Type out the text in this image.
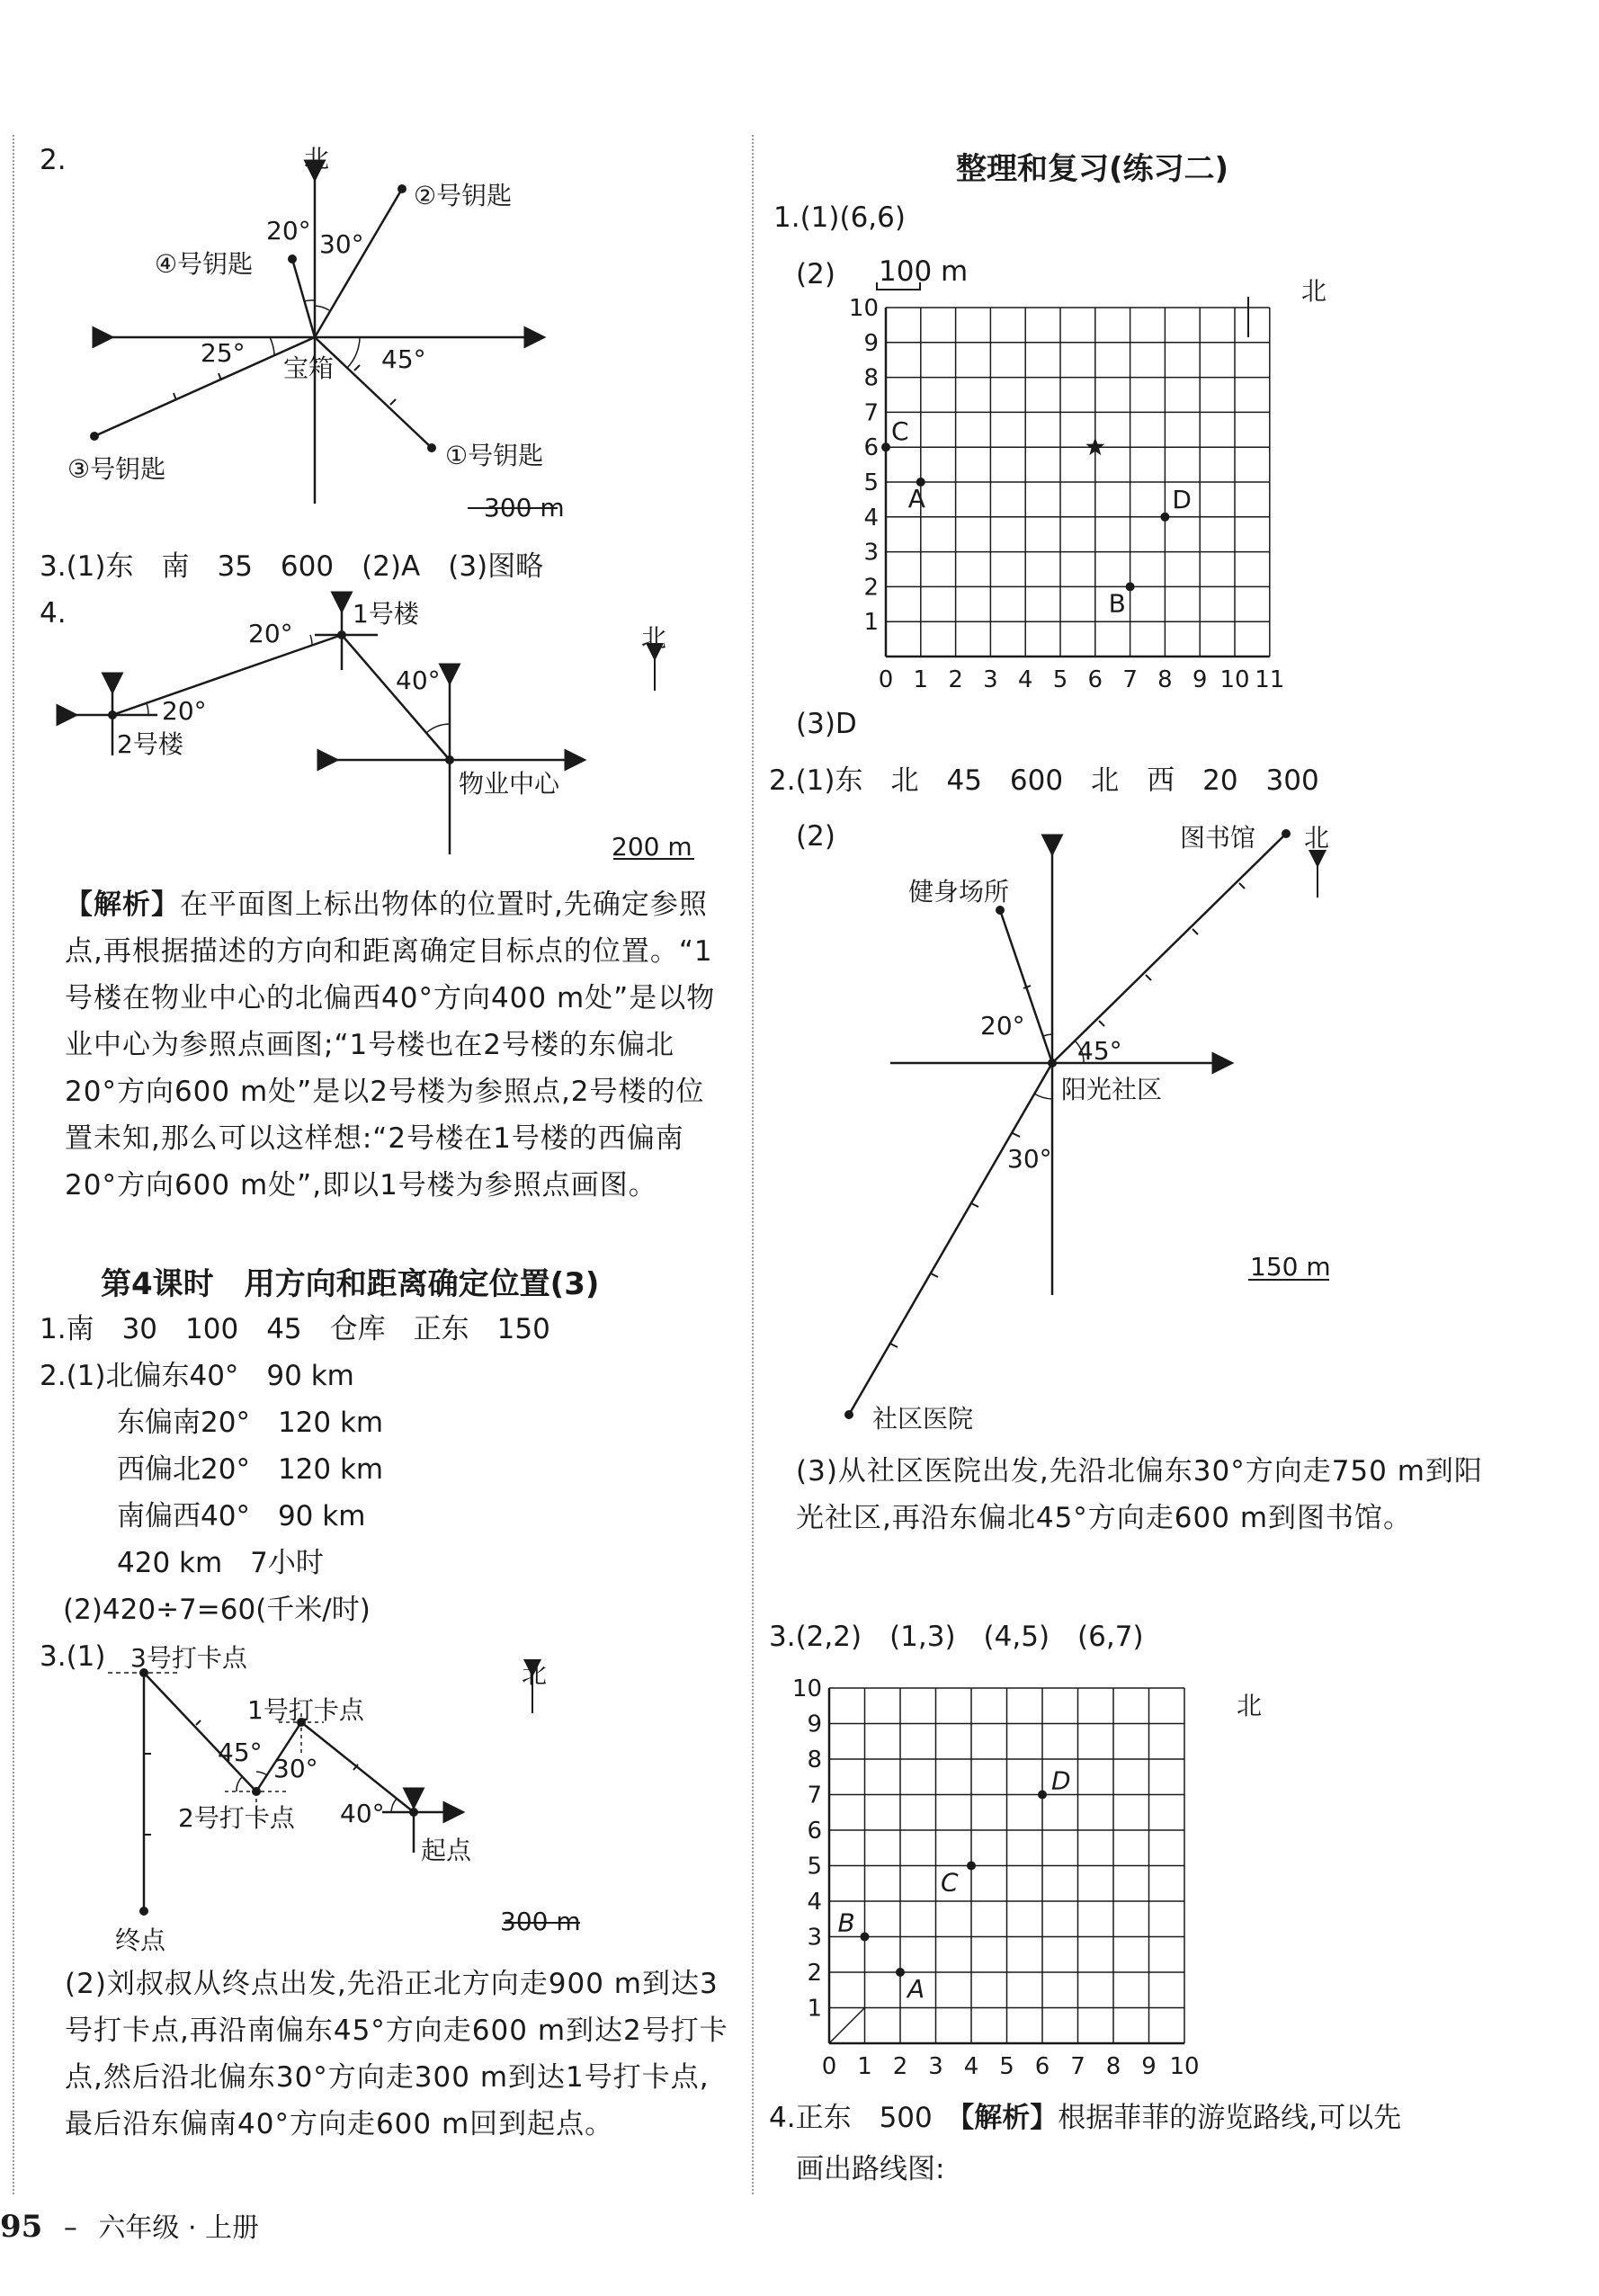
2.	北
②号钥匙
④号钥匙
20° 30°
25°
宝箱 45°
③号钥匙	①号钥匙
300 m
3.(1)东　南　35　600　(2)A　(3)图略
4.	1号楼
20°
40°
北
20°
2号楼
物业中心
200 m
【解析】在平面图上标出物体的位置时,先确定参照点,再根据描述的方向和距离确定目标点的位置。“1号楼在物业中心的北偏西40°方向400 m处”是以物业中心为参照点画图;“1号楼也在2号楼的东偏北20°方向600 m处”是以2号楼为参照点,2号楼的位置未知,那么可以这样想:“2号楼在1号楼的西偏南20°方向600 m处”,即以1号楼为参照点画图。
第4课时　用方向和距离确定位置(3)
1.南　30　100　45　仓库　正东　150
2.(1)北偏东40°　90 km
东偏南20°　120 km
西偏北20°　120 km
南偏西40°　90 km
420 km　7小时
(2)420÷7=60(千米/时)
3.(1) 3号打卡点
北
1号打卡点
45°
30°
2号打卡点 40°
起点
终点
300 m
(2)刘叔叔从终点出发,先沿正北方向走900 m到达3号打卡点,再沿南偏东45°方向走600 m到达2号打卡点,然后沿北偏东30°方向走300 m到达1号打卡点,最后沿东偏南40°方向走600 m回到起点。
整理和复习(练习二)
1.(1)(6,6)
(2) 100 m
北
0 1 2 3 4 5 6 7 8 9 10 11
1
2
3
4
5
6
7
8
9
10
C
A	D
B
(3)D
2.(1)东　北　45　600　北　西　20　300
(2)	图书馆 北
健身场所
20°
45°
阳光社区
30°
150 m
社区医院
(3)从社区医院出发,先沿北偏东30°方向走750 m到阳光社区,再沿东偏北45°方向走600 m到图书馆。
3.(2,2)　(1,3)　(4,5)　(6,7)
北
0 1 2 3 4 5 6 7 8 9 10
1
2
3
4
5
6
7
8
9
10
A
B
C
D
4.正东　500　【解析】根据菲菲的游览路线,可以先
画出路线图:
95 – 六年级 · 上册
